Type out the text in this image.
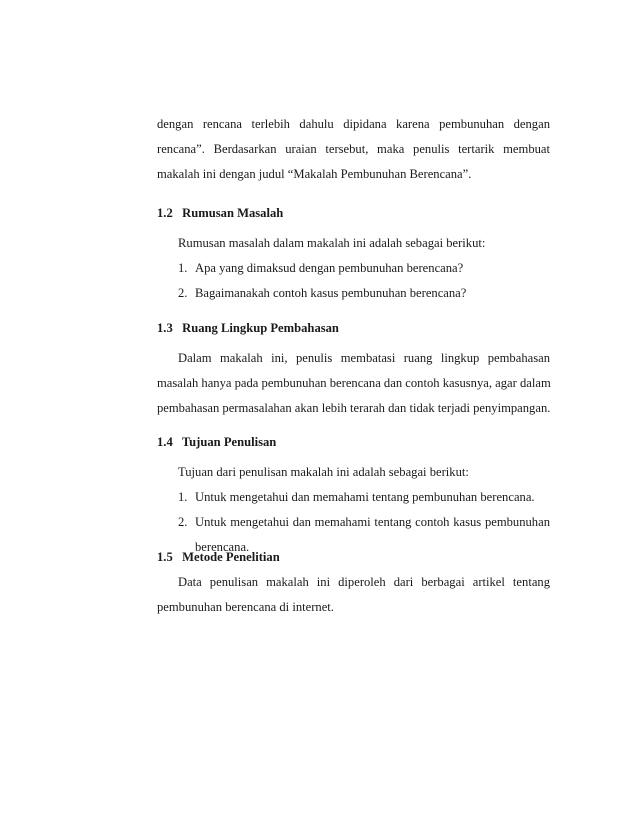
dengan rencana terlebih dahulu dipidana karena pembunuhan dengan
rencana”. Berdasarkan uraian tersebut, maka penulis tertarik membuat
makalah ini dengan judul “Makalah Pembunuhan Berencana”.
1.2 Rumusan Masalah
Rumusan masalah dalam makalah ini adalah sebagai berikut:
1. Apa yang dimaksud dengan pembunuhan berencana?
2. Bagaimanakah contoh kasus pembunuhan berencana?
1.3 Ruang Lingkup Pembahasan
Dalam makalah ini, penulis membatasi ruang lingkup pembahasan
masalah hanya pada pembunuhan berencana dan contoh kasusnya, agar dalam
pembahasan permasalahan akan lebih terarah dan tidak terjadi penyimpangan.
1.4 Tujuan Penulisan
Tujuan dari penulisan makalah ini adalah sebagai berikut:
1. Untuk mengetahui dan memahami tentang pembunuhan berencana.
2. Untuk mengetahui dan memahami tentang contoh kasus pembunuhan
berencana.
1.5 Metode Penelitian
Data penulisan makalah ini diperoleh dari berbagai artikel tentang
pembunuhan berencana di internet.
